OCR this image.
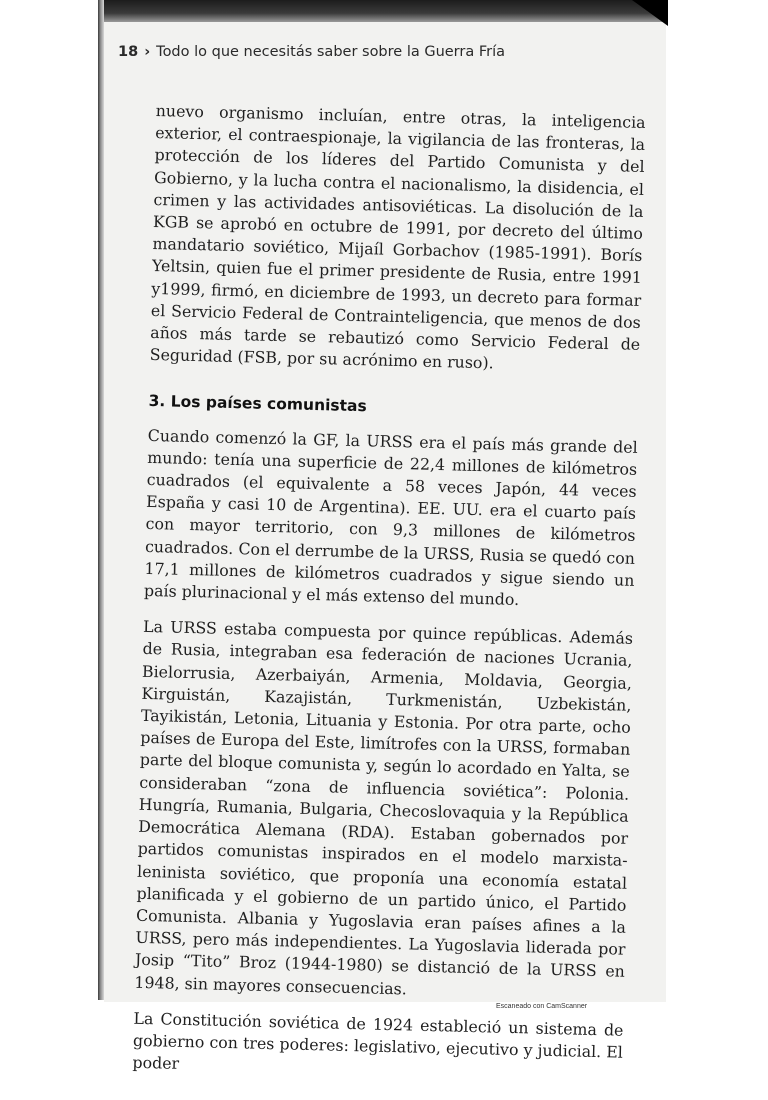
18 › Todo lo que necesitás saber sobre la Guerra Fría

nuevo organismo incluían, entre otras, la inteligencia exterior, el contraespionaje, la vigilancia de las fronteras, la protección de los líderes del Partido Comunista y del Gobierno, y la lucha contra el nacionalismo, la disidencia, el crimen y las actividades antisoviéticas. La disolución de la KGB se aprobó en octubre de 1991, por decreto del último mandatario soviético, Mijaíl Gorbachov (1985-1991). Borís Yeltsin, quien fue el primer presidente de Rusia, entre 1991 y1999, firmó, en diciembre de 1993, un decreto para formar el Servicio Federal de Contrainteligencia, que menos de dos años más tarde se rebautizó como Servicio Federal de Seguridad (FSB, por su acrónimo en ruso).

3. Los países comunistas

Cuando comenzó la GF, la URSS era el país más grande del mundo: tenía una superficie de 22,4 millones de kilómetros cuadrados (el equivalente a 58 veces Japón, 44 veces España y casi 10 de Argentina). EE. UU. era el cuarto país con mayor territorio, con 9,3 millones de kilómetros cuadrados. Con el derrumbe de la URSS, Rusia se quedó con 17,1 millones de kilómetros cuadrados y sigue siendo un país plurinacional y el más extenso del mundo.

La URSS estaba compuesta por quince repúblicas. Además de Rusia, integraban esa federación de naciones Ucrania, Bielorrusia, Azerbaiyán, Armenia, Moldavia, Georgia, Kirguistán, Kazajistán, Turkmenistán, Uzbekistán, Tayikistán, Letonia, Lituania y Estonia. Por otra parte, ocho países de Europa del Este, limítrofes con la URSS, formaban parte del bloque comunista y, según lo acordado en Yalta, se consideraban “zona de influencia soviética”: Polonia. Hungría, Rumania, Bulgaria, Checoslovaquia y la República Democrática Alemana (RDA). Estaban gobernados por partidos comunistas inspirados en el modelo marxista-leninista soviético, que proponía una economía estatal planificada y el gobierno de un partido único, el Partido Comunista. Albania y Yugoslavia eran países afines a la URSS, pero más independientes. La Yugoslavia liderada por Josip “Tito” Broz (1944-1980) se distanció de la URSS en 1948, sin mayores consecuencias.

La Constitución soviética de 1924 estableció un sistema de gobierno con tres poderes: legislativo, ejecutivo y judicial. El poder

Escaneado con CamScanner
